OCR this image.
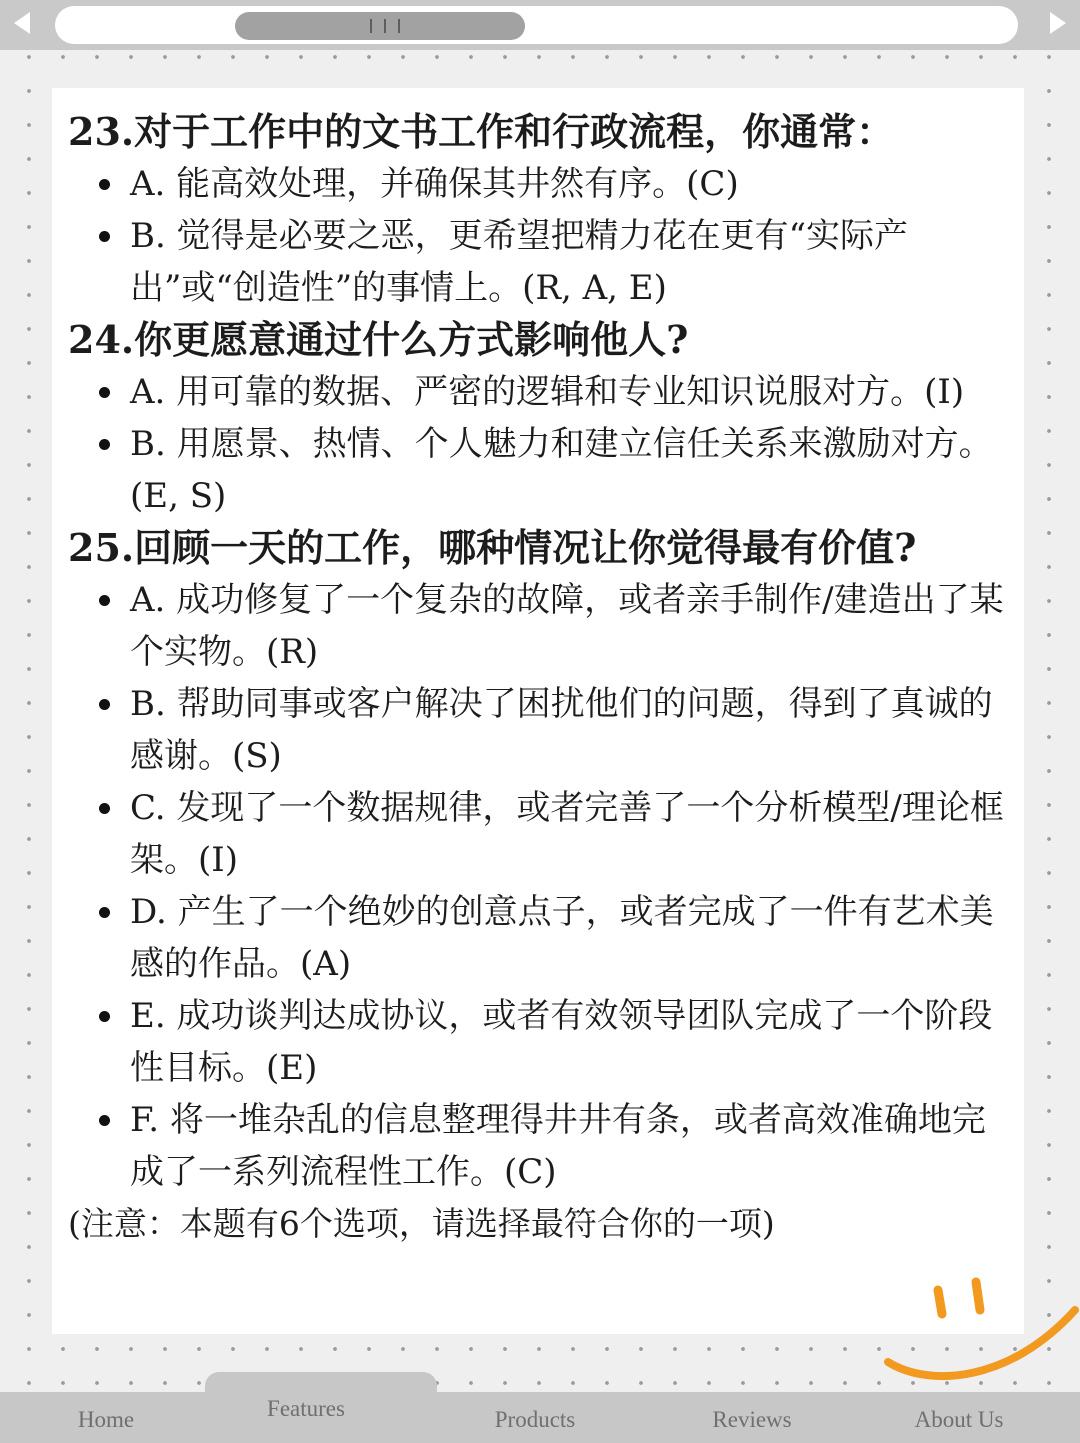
23.对于工作中的文书工作和行政流程，你通常：
A. 能高效处理，并确保其井然有序。(C)
B. 觉得是必要之恶，更希望把精力花在更有“实际产出”或“创造性”的事情上。(R, A, E)
24.你更愿意通过什么方式影响他人?
A. 用可靠的数据、严密的逻辑和专业知识说服对方。(I)
B. 用愿景、热情、个人魅力和建立信任关系来激励对方。(E, S)
25.回顾一天的工作，哪种情况让你觉得最有价值?
A. 成功修复了一个复杂的故障，或者亲手制作/建造出了某个实物。(R)
B. 帮助同事或客户解决了困扰他们的问题，得到了真诚的感谢。(S)
C. 发现了一个数据规律，或者完善了一个分析模型/理论框架。(I)
D. 产生了一个绝妙的创意点子，或者完成了一件有艺术美感的作品。(A)
E. 成功谈判达成协议，或者有效领导团队完成了一个阶段性目标。(E)
F. 将一堆杂乱的信息整理得井井有条，或者高效准确地完成了一系列流程性工作。(C)
(注意：本题有6个选项，请选择最符合你的一项)
Home	Features	Products	Reviews	About Us
